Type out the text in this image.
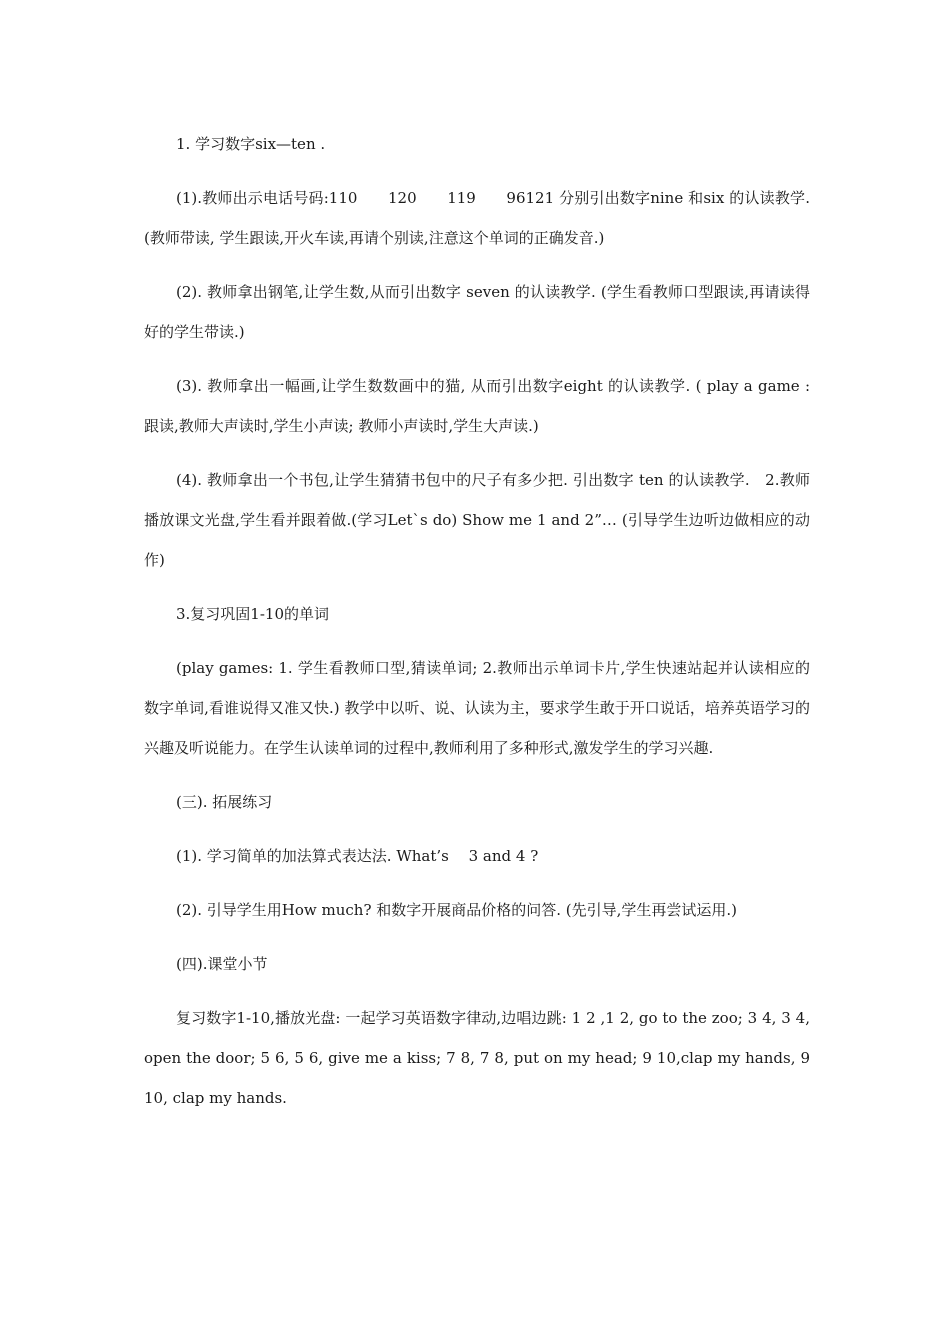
1. 学习数字six—ten .

(1).教师出示电话号码:110　　120　　119　　96121 分别引出数字nine 和six 的认读教学.(教师带读, 学生跟读,开火车读,再请个别读,注意这个单词的正确发音.)

(2). 教师拿出钢笔,让学生数,从而引出数字 seven 的认读教学. (学生看教师口型跟读,再请读得好的学生带读.)

(3). 教师拿出一幅画,让学生数数画中的猫, 从而引出数字eight 的认读教学. ( play a game : 跟读,教师大声读时,学生小声读; 教师小声读时,学生大声读.)

(4). 教师拿出一个书包,让学生猜猜书包中的尺子有多少把. 引出数字 ten 的认读教学.　2.教师播放课文光盘,学生看并跟着做.(学习Let`s do) Show me 1 and 2”… (引导学生边听边做相应的动作)

3.复习巩固1-10的单词

(play games: 1. 学生看教师口型,猜读单词; 2.教师出示单词卡片,学生快速站起并认读相应的数字单词,看谁说得又准又快.) 教学中以听、说、认读为主，要求学生敢于开口说话，培养英语学习的兴趣及听说能力。在学生认读单词的过程中,教师利用了多种形式,激发学生的学习兴趣.

(三). 拓展练习

(1). 学习简单的加法算式表达法. What’s　 3 and 4 ?

(2). 引导学生用How much? 和数字开展商品价格的问答. (先引导,学生再尝试运用.)

(四).课堂小节

复习数字1-10,播放光盘: 一起学习英语数字律动,边唱边跳: 1 2 ,1 2, go to the zoo; 3 4, 3 4, open the door; 5 6, 5 6, give me a kiss; 7 8, 7 8, put on my head; 9 10,clap my hands, 9 10, clap my hands.
